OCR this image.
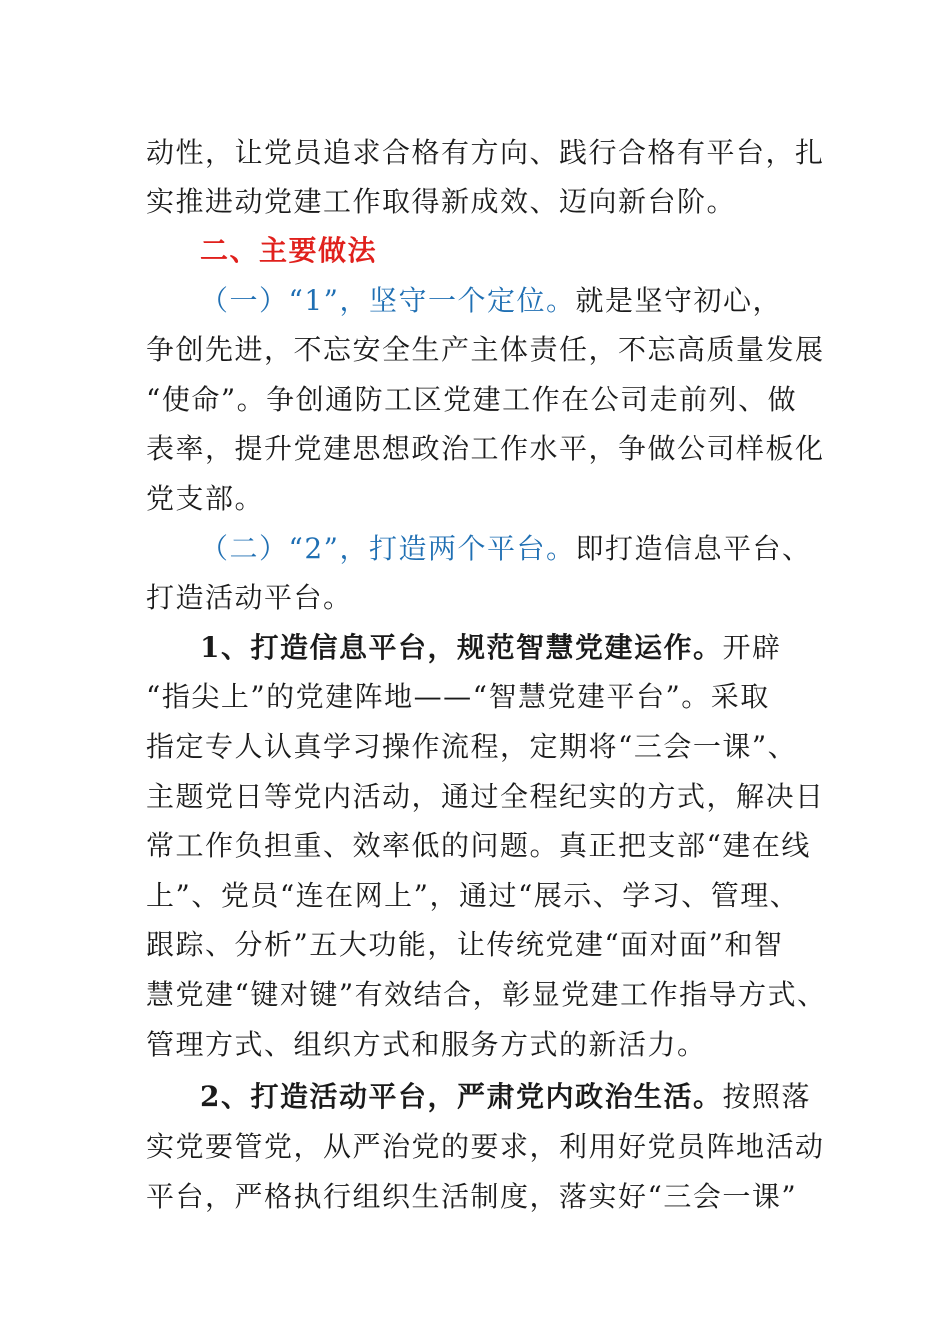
动性，让党员追求合格有方向、践行合格有平台，扎
实推进动党建工作取得新成效、迈向新台阶。
二、主要做法
（一）“1”，坚守一个定位。就是坚守初心，
争创先进，不忘安全生产主体责任，不忘高质量发展
“使命”。争创通防工区党建工作在公司走前列、做
表率，提升党建思想政治工作水平，争做公司样板化
党支部。
（二）“2”，打造两个平台。即打造信息平台、
打造活动平台。
1、打造信息平台，规范智慧党建运作。开辟
“指尖上”的党建阵地——“智慧党建平台”。采取
指定专人认真学习操作流程，定期将“三会一课”、
主题党日等党内活动，通过全程纪实的方式，解决日
常工作负担重、效率低的问题。真正把支部“建在线
上”、党员“连在网上”，通过“展示、学习、管理、
跟踪、分析”五大功能，让传统党建“面对面”和智
慧党建“键对键”有效结合，彰显党建工作指导方式、
管理方式、组织方式和服务方式的新活力。
2、打造活动平台，严肃党内政治生活。按照落
实党要管党，从严治党的要求，利用好党员阵地活动
平台，严格执行组织生活制度，落实好“三会一课”
